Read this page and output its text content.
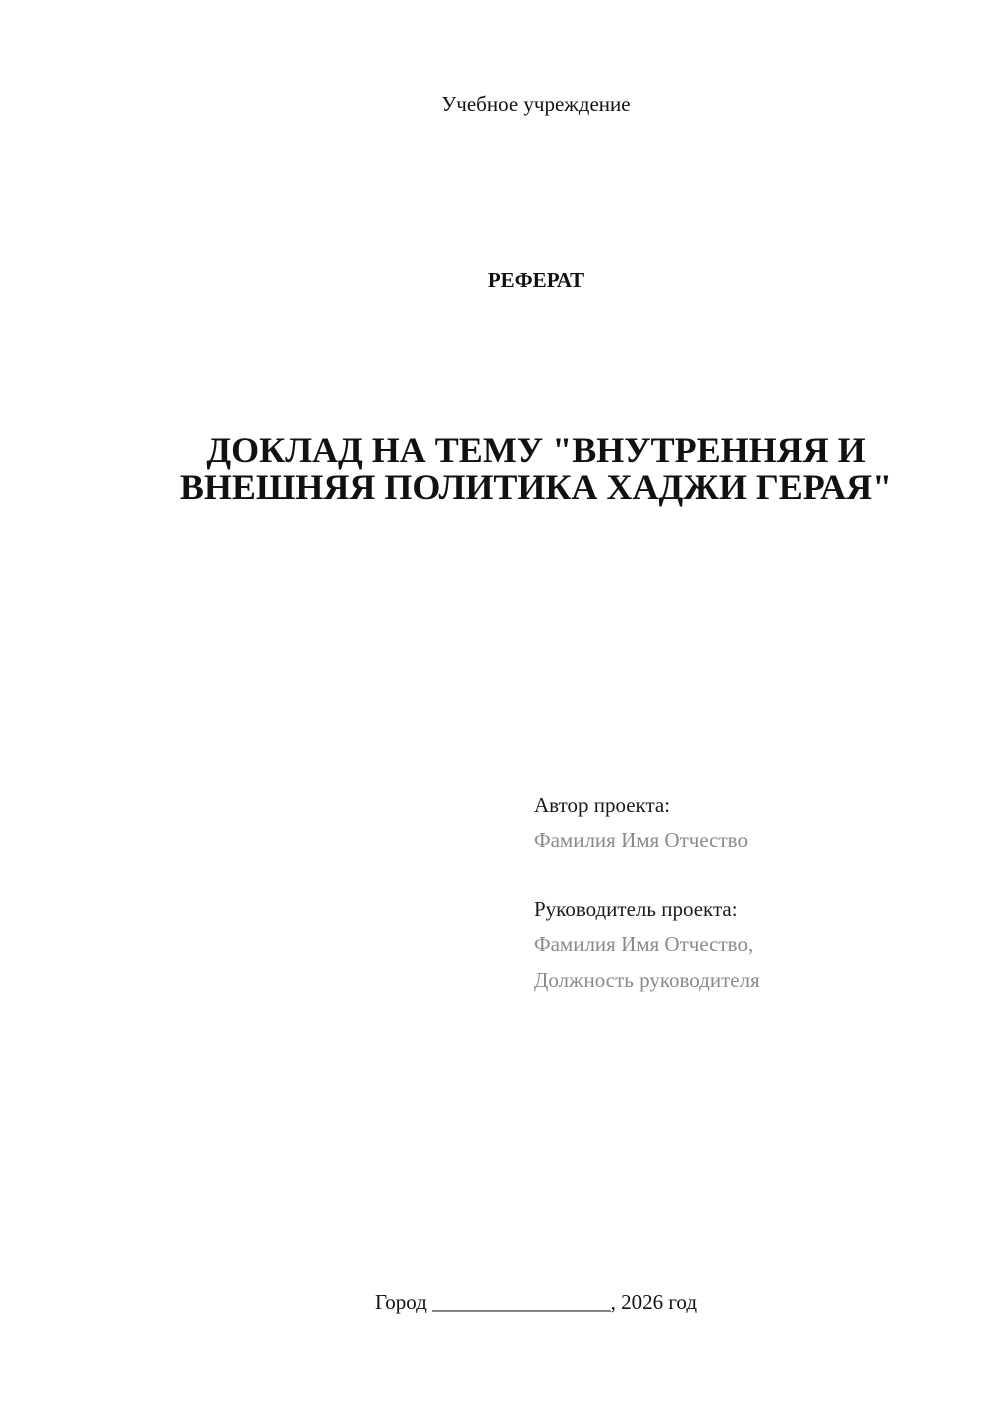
Учебное учреждение
РЕФЕРАТ
ДОКЛАД НА ТЕМУ "ВНУТРЕННЯЯ И
ВНЕШНЯЯ ПОЛИТИКА ХАДЖИ ГЕРАЯ"
Автор проекта:
Фамилия Имя Отчество
Руководитель проекта:
Фамилия Имя Отчество,
Должность руководителя
Город _________________, 2026 год
